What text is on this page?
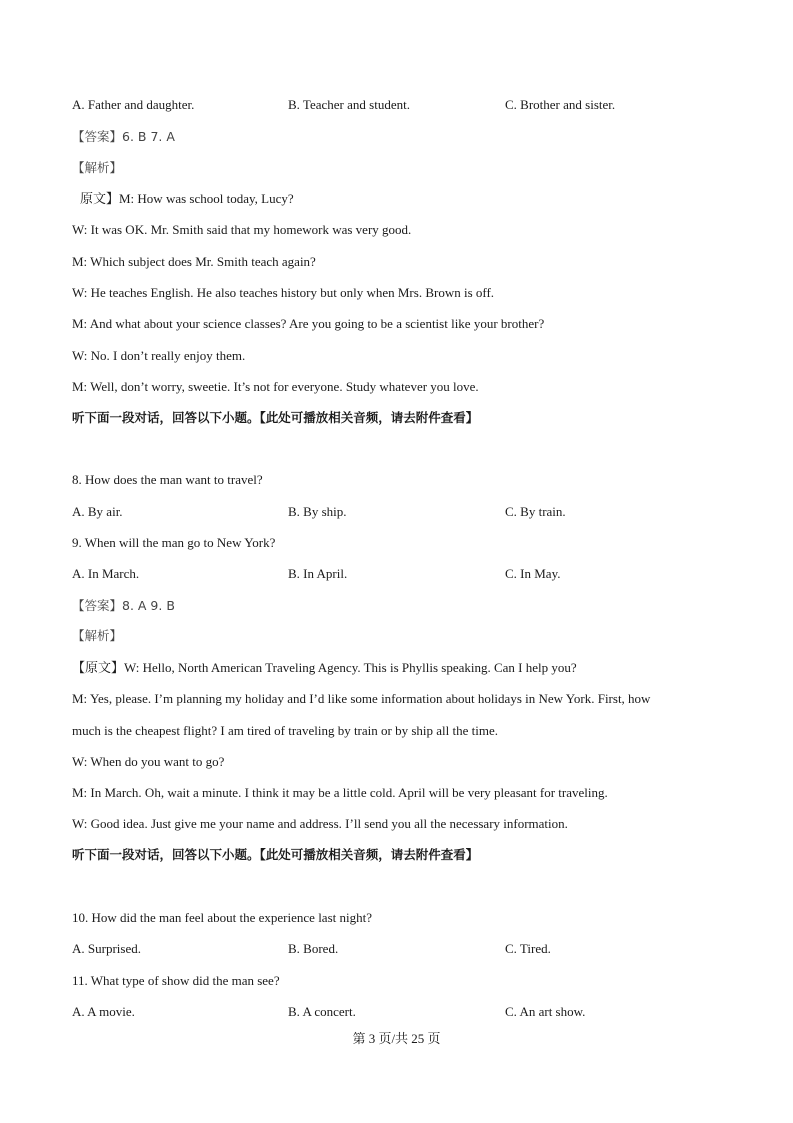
A. Father and daughter.	B. Teacher and student.	C. Brother and sister.
【答案】6. B 7. A
【解析】
原文】M: How was school today, Lucy?
W: It was OK. Mr. Smith said that my homework was very good.
M: Which subject does Mr. Smith teach again?
W: He teaches English. He also teaches history but only when Mrs. Brown is off.
M: And what about your science classes? Are you going to be a scientist like your brother?
W: No. I don’t really enjoy them.
M: Well, don’t worry, sweetie. It’s not for everyone. Study whatever you love.
听下面一段对话，回答以下小题。【此处可播放相关音频，请去附件查看】
8. How does the man want to travel?
A. By air.	B. By ship.	C. By train.
9. When will the man go to New York?
A. In March.	B. In April.	C. In May.
【答案】8. A 9. B
【解析】
【原文】W: Hello, North American Traveling Agency. This is Phyllis speaking. Can I help you?
M: Yes, please. I’m planning my holiday and I’d like some information about holidays in New York. First, how
much is the cheapest flight? I am tired of traveling by train or by ship all the time.
W: When do you want to go?
M: In March. Oh, wait a minute. I think it may be a little cold. April will be very pleasant for traveling.
W: Good idea. Just give me your name and address. I’ll send you all the necessary information.
听下面一段对话，回答以下小题。【此处可播放相关音频，请去附件查看】
10. How did the man feel about the experience last night?
A. Surprised.	B. Bored.	C. Tired.
11. What type of show did the man see?
A. A movie.	B. A concert.	C. An art show.
第 3 页/共 25 页
